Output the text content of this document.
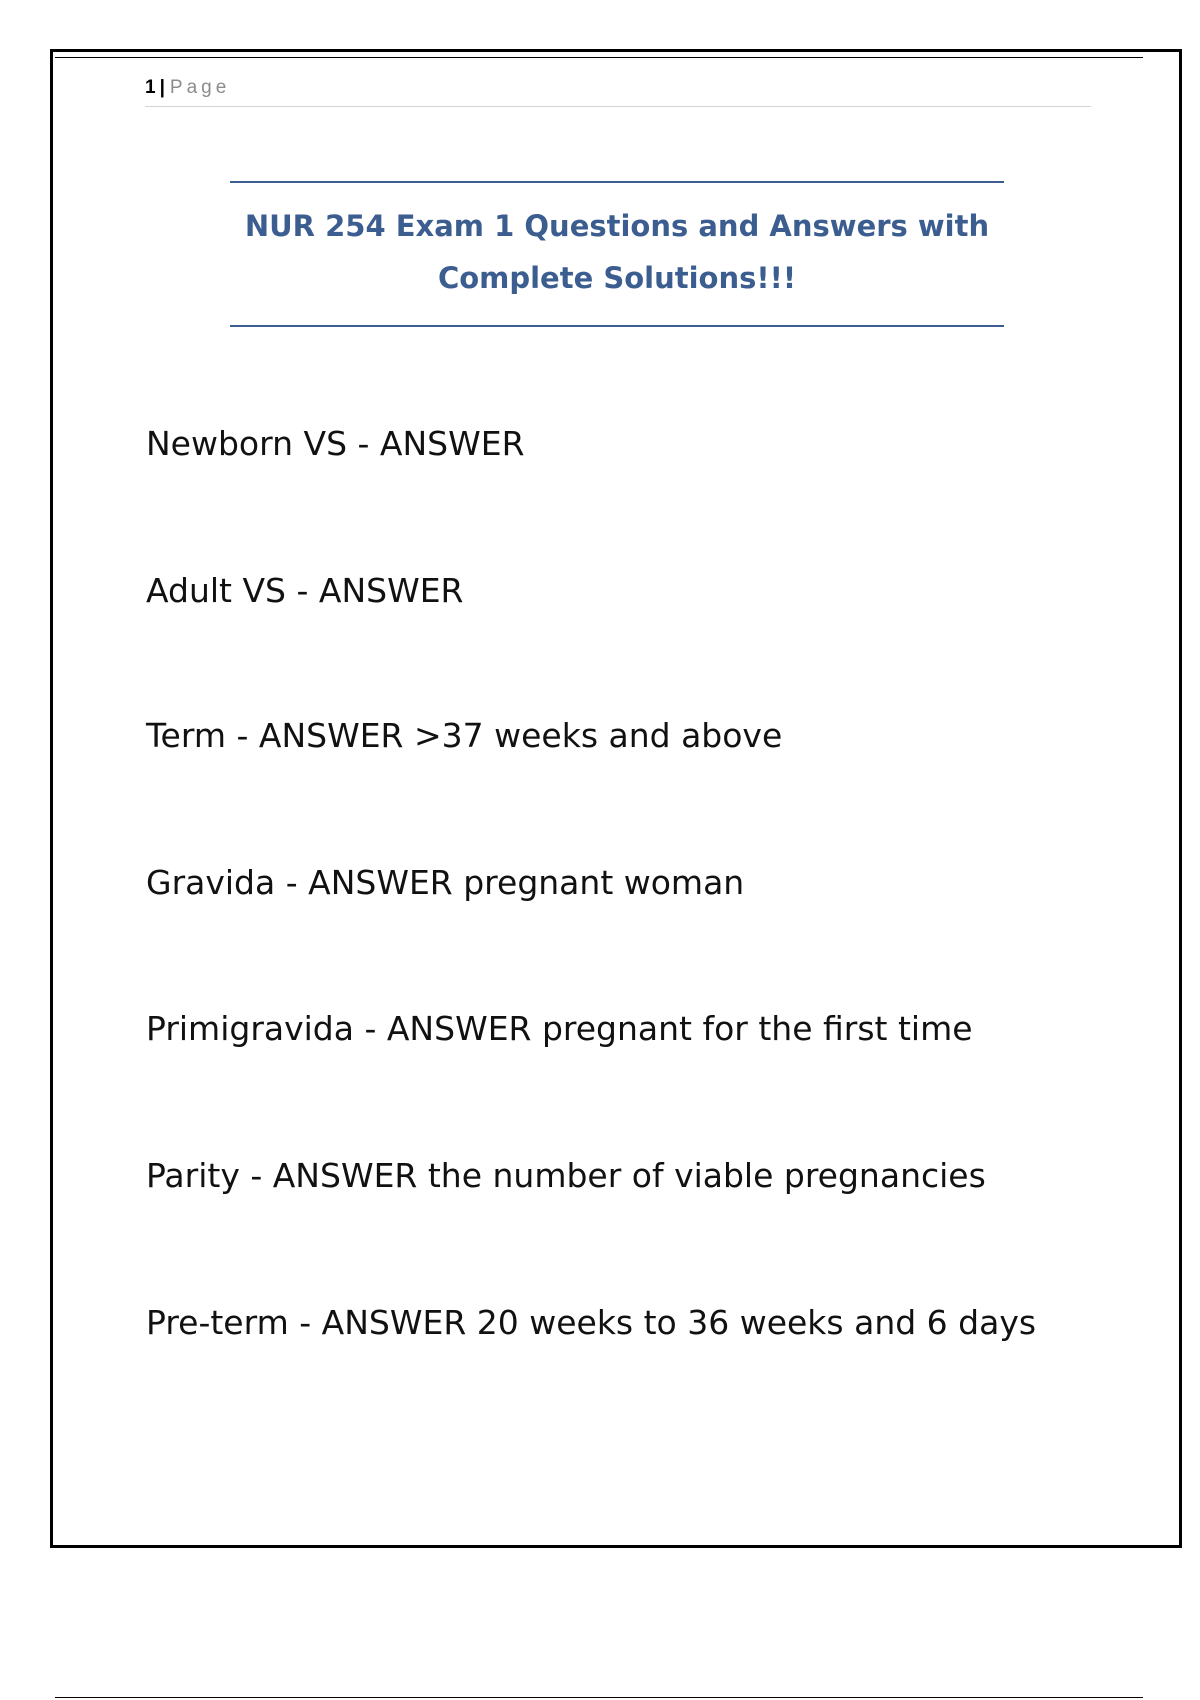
1 | Page
NUR 254 Exam 1 Questions and Answers with
Complete Solutions!!!
Newborn VS - ANSWER
Adult VS - ANSWER
Term - ANSWER >37 weeks and above
Gravida - ANSWER pregnant woman
Primigravida - ANSWER pregnant for the first time
Parity - ANSWER the number of viable pregnancies
Pre-term - ANSWER 20 weeks to 36 weeks and 6 days
